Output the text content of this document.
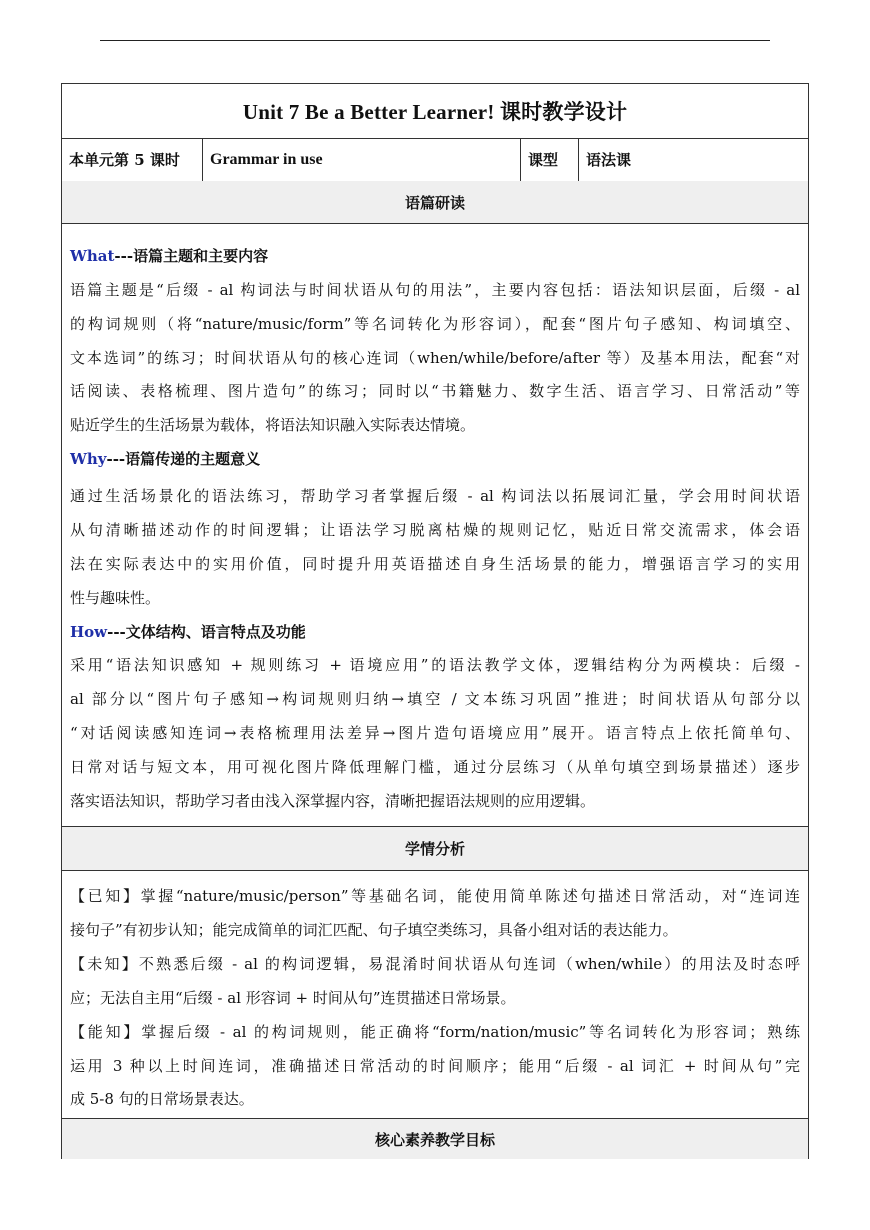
Unit 7 Be a Better Learner! 课时教学设计
本单元第 5 课时	Grammar in use	课型	语法课
语篇研读
What---语篇主题和主要内容
语篇主题是“后缀 - al 构词法与时间状语从句的用法”，主要内容包括：语法知识层面，后缀 - al
的构词规则（将“nature/music/form”等名词转化为形容词），配套“图片句子感知、构词填空、
文本选词”的练习；时间状语从句的核心连词（when/while/before/after 等）及基本用法，配套“对
话阅读、表格梳理、图片造句”的练习；同时以“书籍魅力、数字生活、语言学习、日常活动”等
贴近学生的生活场景为载体，将语法知识融入实际表达情境。
Why---语篇传递的主题意义
通过生活场景化的语法练习，帮助学习者掌握后缀 - al 构词法以拓展词汇量，学会用时间状语
从句清晰描述动作的时间逻辑；让语法学习脱离枯燥的规则记忆，贴近日常交流需求，体会语
法在实际表达中的实用价值，同时提升用英语描述自身生活场景的能力，增强语言学习的实用
性与趣味性。
How---文体结构、语言特点及功能
采用“语法知识感知 + 规则练习 + 语境应用”的语法教学文体，逻辑结构分为两模块：后缀 -
al 部分以“图片句子感知→构词规则归纳→填空 / 文本练习巩固”推进；时间状语从句部分以
“对话阅读感知连词→表格梳理用法差异→图片造句语境应用”展开。语言特点上依托简单句、
日常对话与短文本，用可视化图片降低理解门槛，通过分层练习（从单句填空到场景描述）逐步
落实语法知识，帮助学习者由浅入深掌握内容，清晰把握语法规则的应用逻辑。
学情分析
【已知】掌握“nature/music/person”等基础名词，能使用简单陈述句描述日常活动，对“连词连
接句子”有初步认知；能完成简单的词汇匹配、句子填空类练习，具备小组对话的表达能力。
【未知】不熟悉后缀 - al 的构词逻辑，易混淆时间状语从句连词（when/while）的用法及时态呼
应；无法自主用“后缀 - al 形容词 + 时间从句”连贯描述日常场景。
【能知】掌握后缀 - al 的构词规则，能正确将“form/nation/music”等名词转化为形容词；熟练
运用 3 种以上时间连词，准确描述日常活动的时间顺序；能用“后缀 - al 词汇 + 时间从句”完
成 5-8 句的日常场景表达。
核心素养教学目标
